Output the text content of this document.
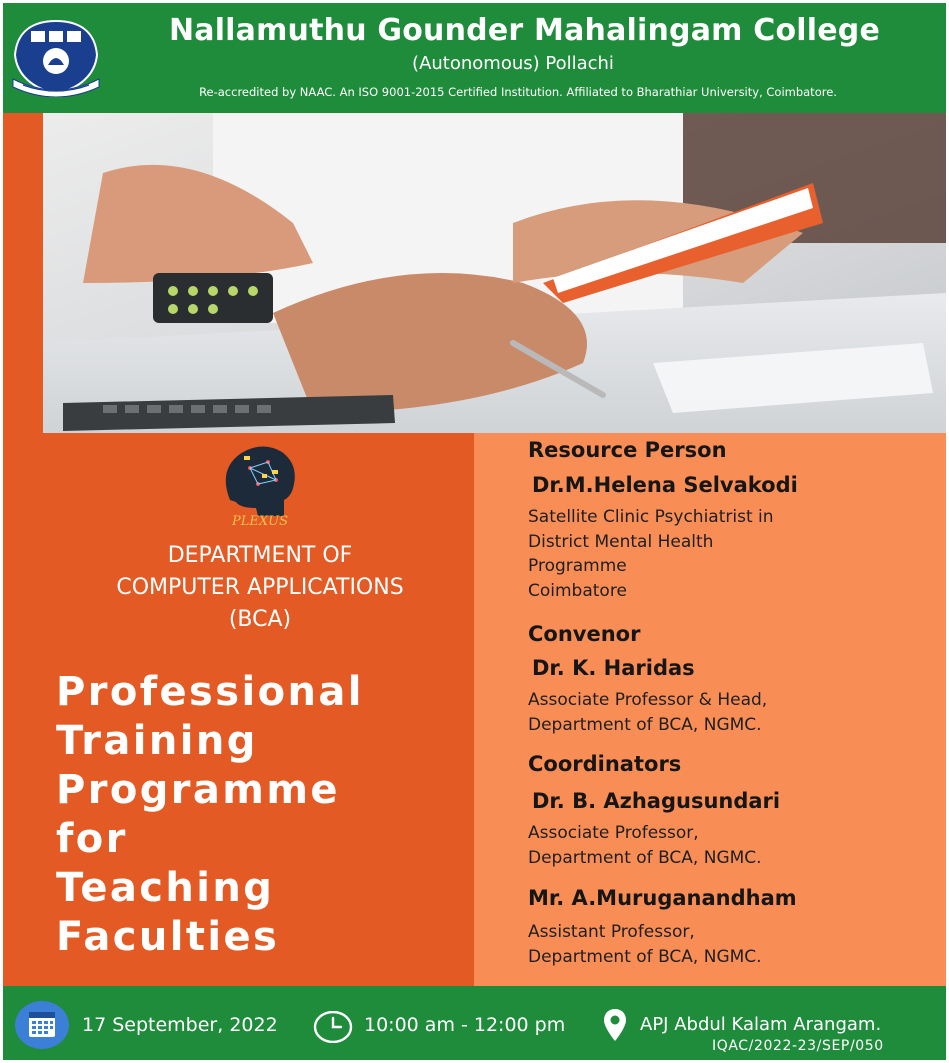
Nallamuthu Gounder Mahalingam College
(Autonomous) Pollachi
Re-accredited by NAAC. An ISO 9001-2015 Certified Institution. Affiliated to Bharathiar University, Coimbatore.
PLEXUS
DEPARTMENT OF
COMPUTER APPLICATIONS
(BCA)
Professional
Training
Programme
for
Teaching
Faculties
Resource Person
Dr.M.Helena Selvakodi
Satellite Clinic Psychiatrist in
District Mental Health
Programme
Coimbatore
Convenor
Dr. K. Haridas
Associate Professor & Head,
Department of BCA, NGMC.
Coordinators
Dr. B. Azhagusundari
Associate Professor,
Department of BCA, NGMC.
Mr. A.Muruganandham
Assistant Professor,
Department of BCA, NGMC.
17 September, 2022	10:00 am - 12:00 pm	APJ Abdul Kalam Arangam.
IQAC/2022-23/SEP/050
